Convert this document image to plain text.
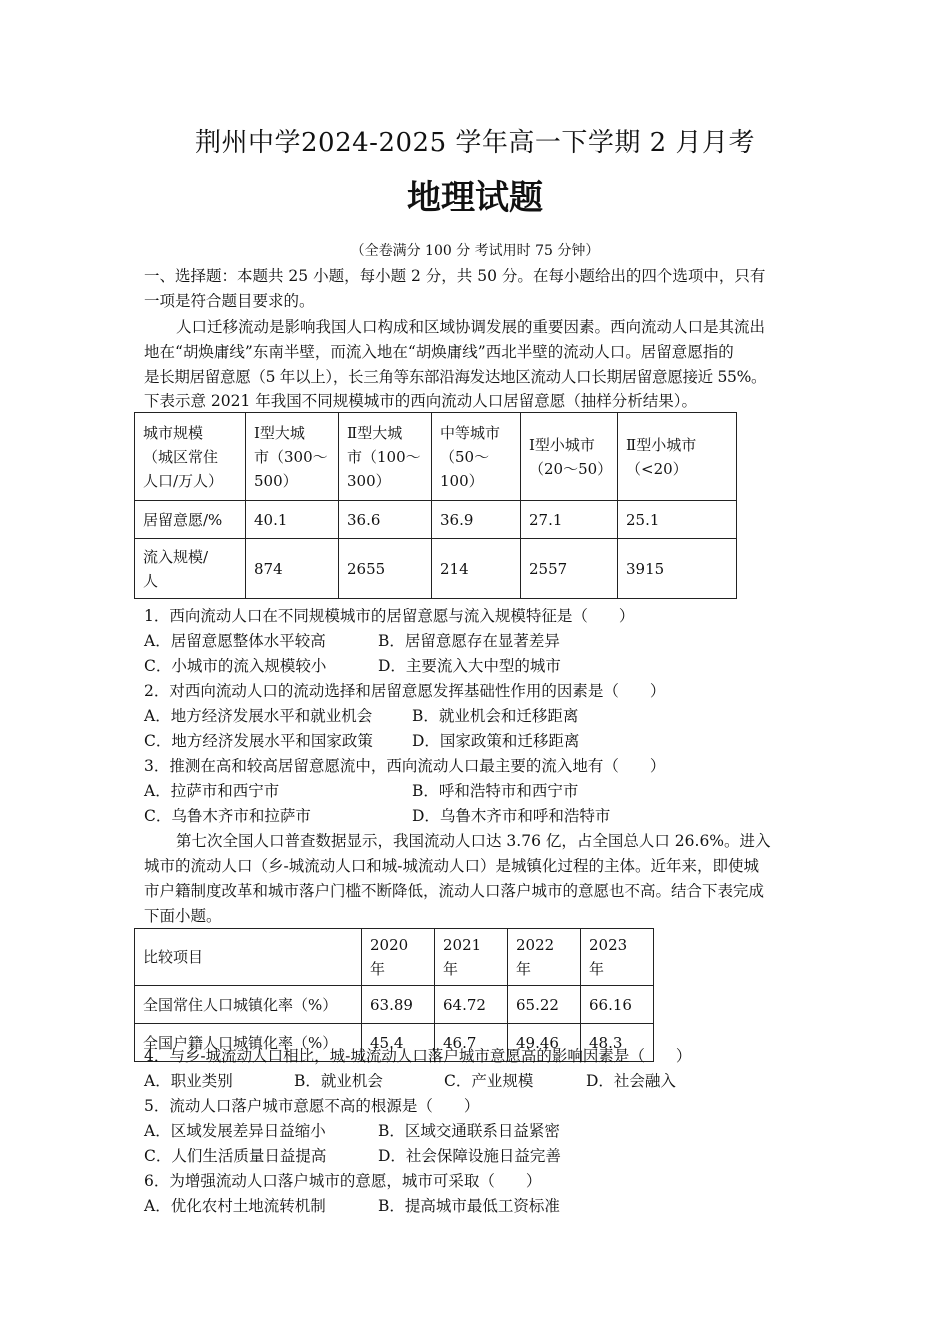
荆州中学2024-2025 学年高一下学期 2 月月考
地理试题
（全卷满分 100 分 考试用时 75 分钟）
一、选择题：本题共 25 小题，每小题 2 分，共 50 分。在每小题给出的四个选项中，只有
一项是符合题目要求的。
人口迁移流动是影响我国人口构成和区域协调发展的重要因素。西向流动人口是其流出
地在“胡焕庸线”东南半壁，而流入地在“胡焕庸线”西北半壁的流动人口。居留意愿指的
是长期居留意愿（5 年以上），长三角等东部沿海发达地区流动人口长期居留意愿接近 55%。
下表示意 2021 年我国不同规模城市的西向流动人口居留意愿（抽样分析结果）。
城市规模
（城区常住
人口/万人）	Ⅰ型大城
市（300～
500）	Ⅱ型大城
市（100～
300）	中等城市
（50～
100）	Ⅰ型小城市
（20～50）	Ⅱ型小城市
（<20）
居留意愿/%	40.1	36.6	36.9	27.1	25.1
流入规模/
人	874	2655	214	2557	3915
1．西向流动人口在不同规模城市的居留意愿与流入规模特征是（　　）
A．居留意愿整体水平较高	B．居留意愿存在显著差异
C．小城市的流入规模较小	D．主要流入大中型的城市
2．对西向流动人口的流动选择和居留意愿发挥基础性作用的因素是（　　）
A．地方经济发展水平和就业机会	B．就业机会和迁移距离
C．地方经济发展水平和国家政策	D．国家政策和迁移距离
3．推测在高和较高居留意愿流中，西向流动人口最主要的流入地有（　　）
A．拉萨市和西宁市	B．呼和浩特市和西宁市
C．乌鲁木齐市和拉萨市	D．乌鲁木齐市和呼和浩特市
第七次全国人口普查数据显示，我国流动人口达 3.76 亿，占全国总人口 26.6%。进入
城市的流动人口（乡-城流动人口和城-城流动人口）是城镇化过程的主体。近年来，即使城
市户籍制度改革和城市落户门槛不断降低，流动人口落户城市的意愿也不高。结合下表完成
下面小题。
比较项目	2020 年	2021 年	2022 年	2023 年
全国常住人口城镇化率（%）	63.89	64.72	65.22	66.16
全国户籍人口城镇化率（%）	45.4	46.7	49.46	48.3
4．与乡-城流动人口相比，城-城流动人口落户城市意愿高的影响因素是（　　）
A．职业类别	B．就业机会	C．产业规模	D．社会融入
5．流动人口落户城市意愿不高的根源是（　　）
A．区域发展差异日益缩小	B．区域交通联系日益紧密
C．人们生活质量日益提高	D．社会保障设施日益完善
6．为增强流动人口落户城市的意愿，城市可采取（　　）
A．优化农村土地流转机制	B．提高城市最低工资标准
